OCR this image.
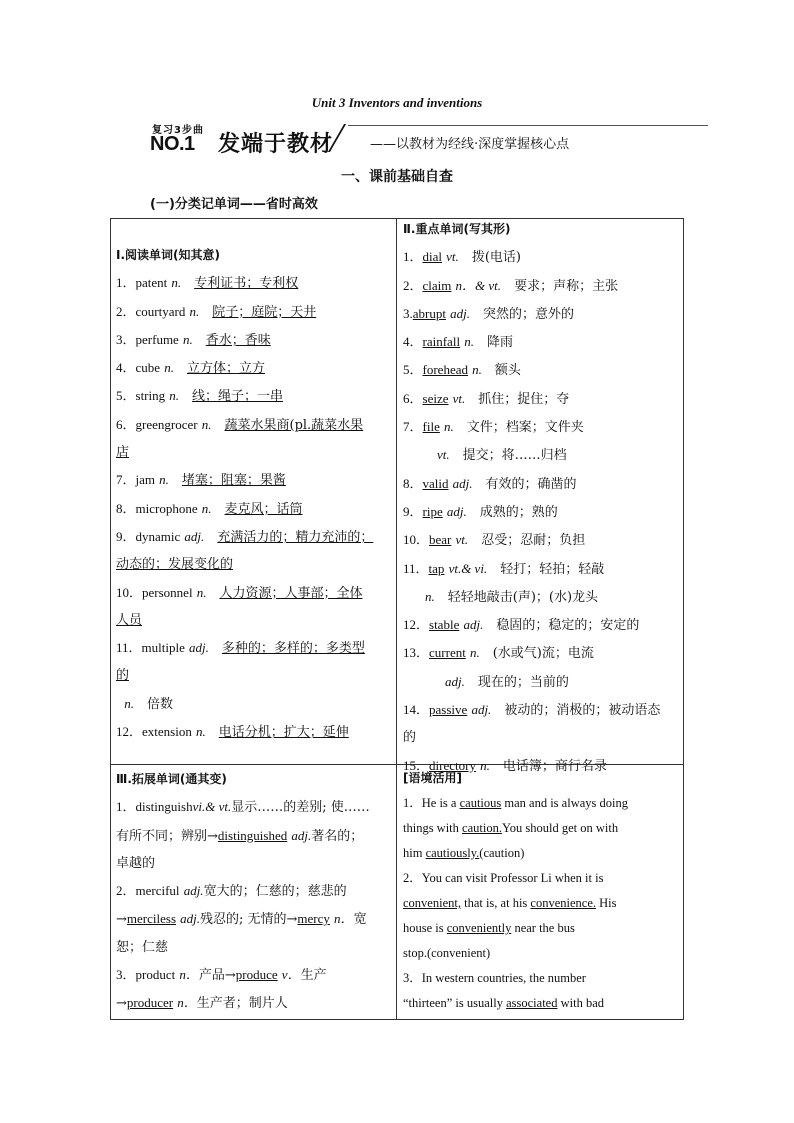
Unit 3 Inventors and inventions
复习3步曲
NO.1 发端于教材	——以教材为经线·深度掌握核心点
一、课前基础自查
(一)分类记单词——省时高效

Ⅰ.阅读单词(知其意)

1．patent n.　 专利证书；专利权

2．courtyard n.　 院子；庭院；天井

3．perfume n.　 香水；香味

4．cube n.　 立方体；立方

5．string n.　 线；绳子；一串

6．greengrocer n.　 蔬菜水果商(pl.蔬菜水果

店

7．jam n.　 堵塞；阻塞；果酱

8．microphone n.　 麦克风；话筒

9．dynamic adj.　 充满活力的；精力充沛的；

动态的；发展变化的

10．personnel n.　 人力资源；人事部；全体

人员

11．multiple adj.　 多种的；多样的；多类型

的

n.　 倍数

12．extension n.　 电话分机；扩大；延伸

Ⅱ.重点单词(写其形)

1．dial vt.　 拨(电话)

2．claim n．& vt.　 要求；声称；主张

3.abrupt adj.　 突然的；意外的

4．rainfall n.　 降雨

5．forehead n.　 额头

6．seize vt.　 抓住；捉住；夺

7．file n.　 文件；档案；文件夹

vt.　 提交；将……归档

8．valid adj.　 有效的；确凿的

9．ripe adj.　 成熟的；熟的

10．bear vt.　 忍受；忍耐；负担

11．tap vt.& vi.　 轻打；轻拍；轻敲

n.　 轻轻地敲击(声)；(水)龙头

12．stable adj.　 稳固的；稳定的；安定的

13．current n.　 (水或气)流；电流

adj.　 现在的；当前的

14．passive adj.　 被动的；消极的；被动语态

的

15．directory n.　 电话簿；商行名录

Ⅲ.拓展单词(通其变)

1．distinguishvi.& vt.显示……的差别; 使……

有所不同；辨别→distinguished adj.著名的；

卓越的

2．merciful adj.宽大的；仁慈的；慈悲的

→merciless adj.残忍的; 无情的→mercy n．宽

恕；仁慈

3．product n．产品→produce v．生产

→producer n．生产者；制片人

[语境活用]

1．He is a cautious man and is always doing

things with caution.You should get on with

him cautiously.(caution)

2．You can visit Professor Li when it is

convenient, that is, at his convenience. His

house is conveniently near the bus

stop.(convenient)

3．In western countries, the number

“thirteen” is usually associated with bad
